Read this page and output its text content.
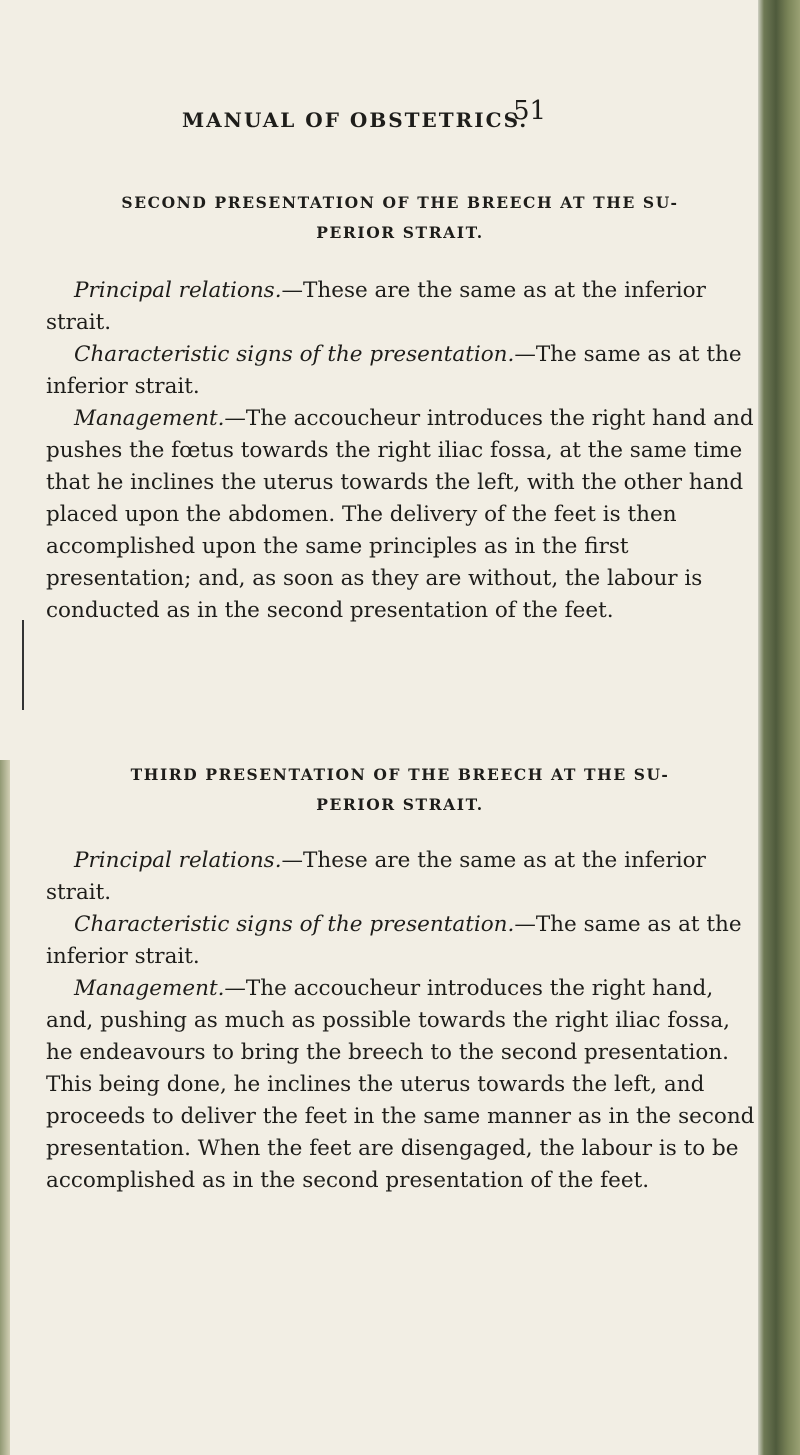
MANUAL OF OBSTETRICS.
51
SECOND PRESENTATION OF THE BREECH AT THE SU-
PERIOR STRAIT.

Principal relations.—These are the same as at the inferior strait.

Characteristic signs of the presentation.—The same as at the inferior strait.

Management.—The accoucheur introduces the right hand and pushes the fœtus towards the right iliac fossa, at the same time that he inclines the uterus towards the left, with the other hand placed upon the abdomen. The delivery of the feet is then accomplished upon the same principles as in the first presentation; and, as soon as they are without, the labour is conducted as in the second presentation of the feet.

THIRD PRESENTATION OF THE BREECH AT THE SU-
PERIOR STRAIT.

Principal relations.—These are the same as at the inferior strait.

Characteristic signs of the presentation.—The same as at the inferior strait.

Management.—The accoucheur introduces the right hand, and, pushing as much as possible towards the right iliac fossa, he endeavours to bring the breech to the second presentation. This being done, he inclines the uterus towards the left, and proceeds to deliver the feet in the same manner as in the second presentation. When the feet are disengaged, the labour is to be accomplished as in the second presentation of the feet.
